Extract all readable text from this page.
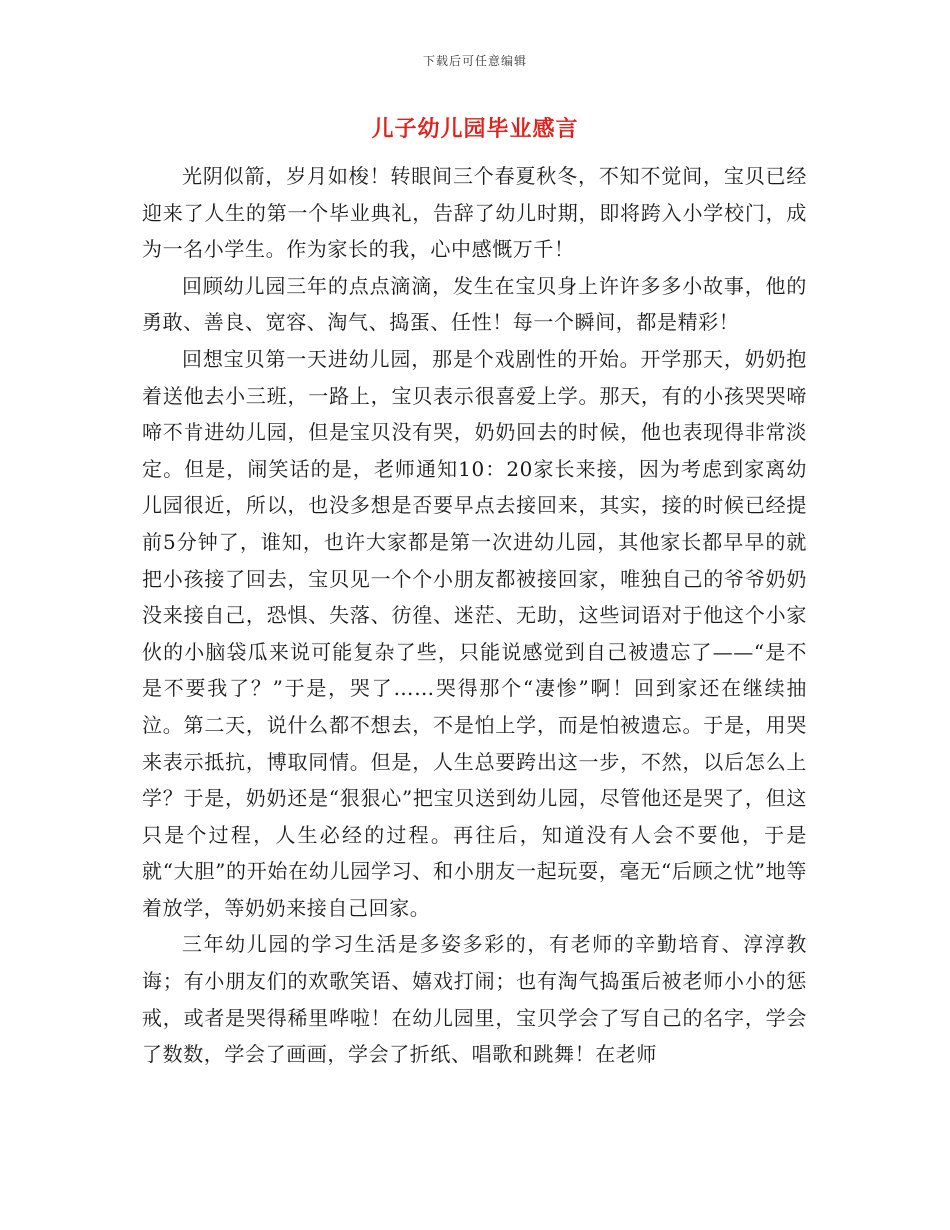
下载后可任意编辑
儿子幼儿园毕业感言

光阴似箭，岁月如梭！转眼间三个春夏秋冬，不知不觉间，宝贝已经迎来了人生的第一个毕业典礼，告辞了幼儿时期，即将跨入小学校门，成为一名小学生。作为家长的我，心中感慨万千！

回顾幼儿园三年的点点滴滴，发生在宝贝身上许许多多小故事，他的勇敢、善良、宽容、淘气、捣蛋、任性！每一个瞬间，都是精彩！

回想宝贝第一天进幼儿园，那是个戏剧性的开始。开学那天，奶奶抱着送他去小三班，一路上，宝贝表示很喜爱上学。那天，有的小孩哭哭啼啼不肯进幼儿园，但是宝贝没有哭，奶奶回去的时候，他也表现得非常淡定。但是，闹笑话的是，老师通知10：20家长来接，因为考虑到家离幼儿园很近，所以，也没多想是否要早点去接回来，其实，接的时候已经提前5分钟了，谁知，也许大家都是第一次进幼儿园，其他家长都早早的就把小孩接了回去，宝贝见一个个小朋友都被接回家，唯独自己的爷爷奶奶没来接自己，恐惧、失落、彷徨、迷茫、无助，这些词语对于他这个小家伙的小脑袋瓜来说可能复杂了些，只能说感觉到自己被遗忘了——“是不是不要我了？”于是，哭了……哭得那个“凄惨”啊！回到家还在继续抽泣。第二天，说什么都不想去，不是怕上学，而是怕被遗忘。于是，用哭来表示抵抗，博取同情。但是，人生总要跨出这一步，不然，以后怎么上学？于是，奶奶还是“狠狠心”把宝贝送到幼儿园，尽管他还是哭了，但这只是个过程，人生必经的过程。再往后，知道没有人会不要他，于是就“大胆”的开始在幼儿园学习、和小朋友一起玩耍，毫无“后顾之忧”地等着放学，等奶奶来接自己回家。

三年幼儿园的学习生活是多姿多彩的，有老师的辛勤培育、淳淳教诲；有小朋友们的欢歌笑语、嬉戏打闹；也有淘气捣蛋后被老师小小的惩戒，或者是哭得稀里哗啦！在幼儿园里，宝贝学会了写自己的名字，学会了数数，学会了画画，学会了折纸、唱歌和跳舞！在老师
